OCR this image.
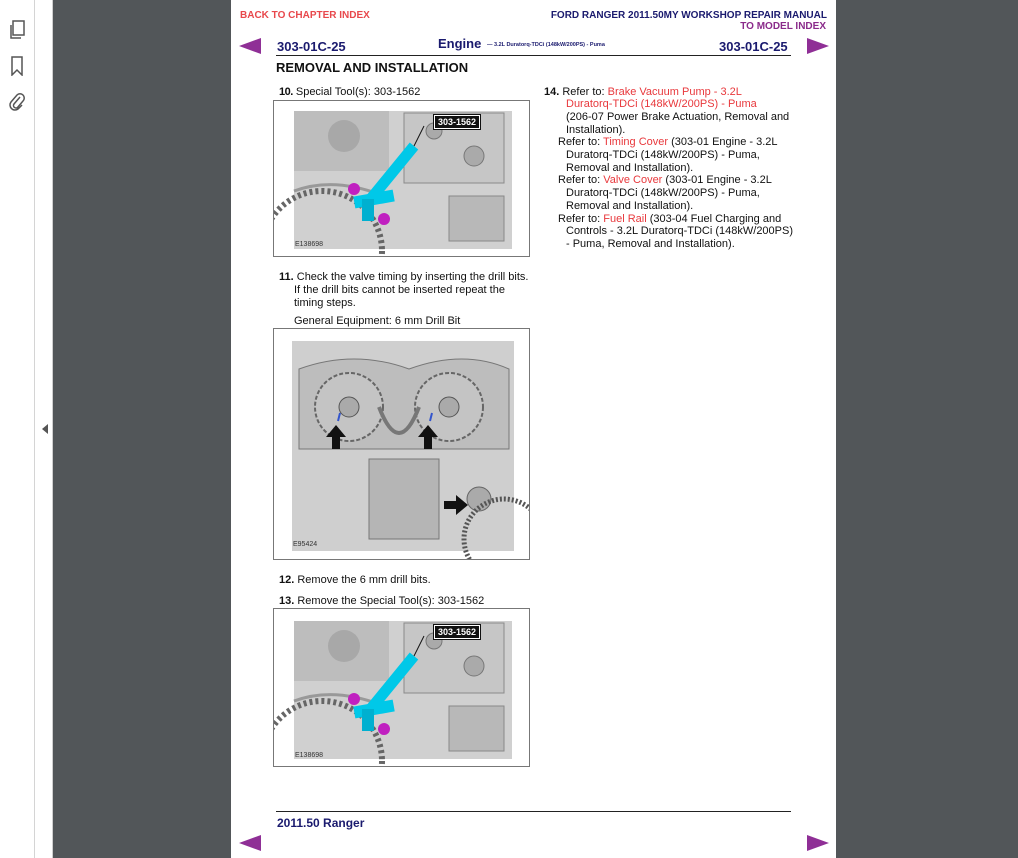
BACK TO CHAPTER INDEX	FORD RANGER 2011.50MY WORKSHOP REPAIR MANUAL
TO MODEL INDEX
303-01C-25	Engine — 3.2L Duratorq-TDCi (148kW/200PS) - Puma	303-01C-25
REMOVAL AND INSTALLATION
10. Special Tool(s): 303-1562
303-1562
E138698
11. Check the valve timing by inserting the drill bits.
If the drill bits cannot be inserted repeat the
timing steps.
General Equipment: 6 mm Drill Bit
E95424
12. Remove the 6 mm drill bits.
13. Remove the Special Tool(s): 303-1562
303-1562
E138698
14. Refer to: Brake Vacuum Pump - 3.2L
Duratorq-TDCi (148kW/200PS) - Puma
(206-07 Power Brake Actuation, Removal and
Installation).
Refer to: Timing Cover (303-01 Engine - 3.2L
Duratorq-TDCi (148kW/200PS) - Puma,
Removal and Installation).
Refer to: Valve Cover (303-01 Engine - 3.2L
Duratorq-TDCi (148kW/200PS) - Puma,
Removal and Installation).
Refer to: Fuel Rail (303-04 Fuel Charging and
Controls - 3.2L Duratorq-TDCi (148kW/200PS)
- Puma, Removal and Installation).
2011.50 Ranger
